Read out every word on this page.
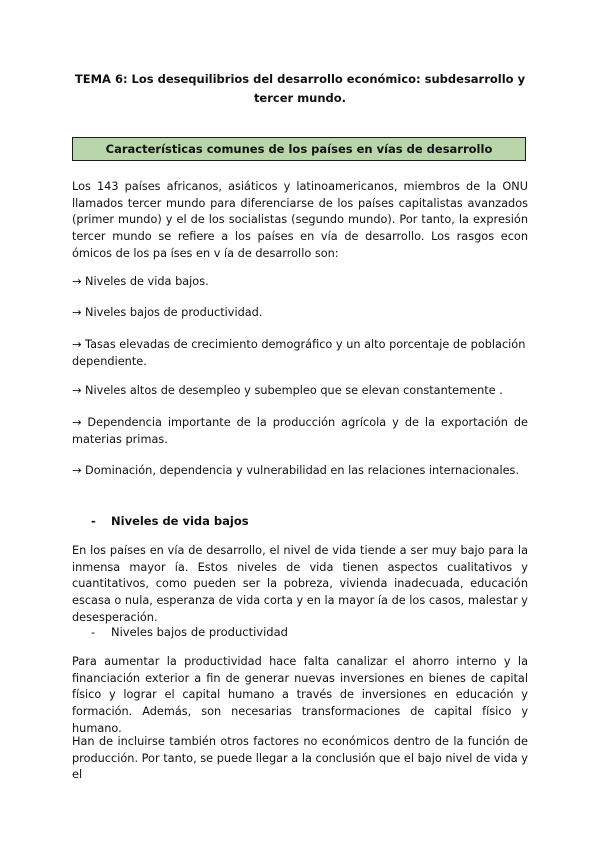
TEMA 6: Los desequilibrios del desarrollo económico: subdesarrollo y tercer mundo.
Características comunes de los países en vías de desarrollo

Los 143 países africanos, asiáticos y latinoamericanos, miembros de la ONU llamados tercer mundo para diferenciarse de los países capitalistas avanzados (primer mundo) y el de los socialistas (segundo mundo). Por tanto, la expresión tercer mundo se refiere a los países en vía de desarrollo. Los rasgos econ ómicos de los pa íses en v ía de desarrollo son:

→ Niveles de vida bajos.

→ Niveles bajos de productividad.

→ Tasas elevadas de crecimiento demográfico y un alto porcentaje de población dependiente.

→ Niveles altos de desempleo y subempleo que se elevan constantemente .

→ Dependencia importante de la producción agrícola y de la exportación de materias primas.

→ Dominación, dependencia y vulnerabilidad en las relaciones internacionales.

- Niveles de vida bajos

En los países en vía de desarrollo, el nivel de vida tiende a ser muy bajo para la inmensa mayor ía. Estos niveles de vida tienen aspectos cualitativos y cuantitativos, como pueden ser la pobreza, vivienda inadecuada, educación escasa o nula, esperanza de vida corta y en la mayor ía de los casos, malestar y desesperación.

- Niveles bajos de productividad

Para aumentar la productividad hace falta canalizar el ahorro interno y la financiación exterior a fin de generar nuevas inversiones en bienes de capital físico y lograr el capital humano a través de inversiones en educación y formación. Además, son necesarias transformaciones de capital físico y humano.

Han de incluirse también otros factores no económicos dentro de la función de producción. Por tanto, se puede llegar a la conclusión que el bajo nivel de vida y el
